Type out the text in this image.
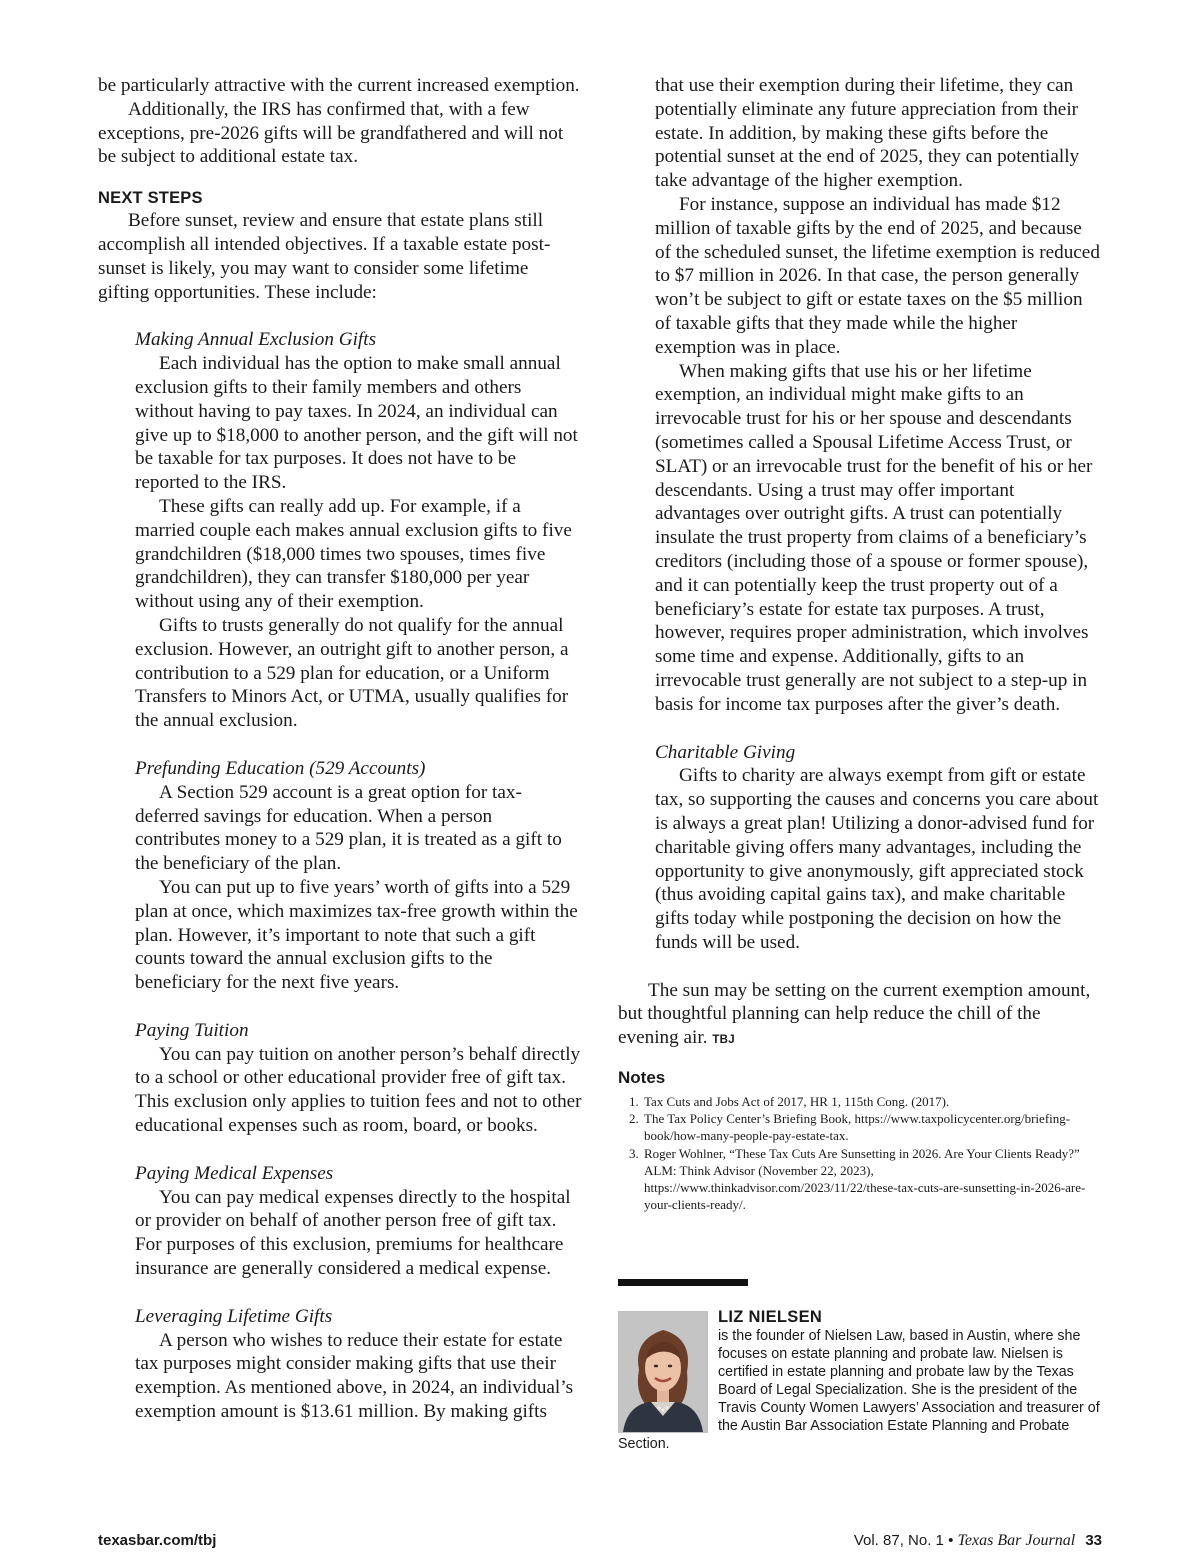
be particularly attractive with the current increased exemption.

Additionally, the IRS has confirmed that, with a few exceptions, pre-2026 gifts will be grandfathered and will not be subject to additional estate tax.

NEXT STEPS

Before sunset, review and ensure that estate plans still accomplish all intended objectives. If a taxable estate post-sunset is likely, you may want to consider some lifetime gifting opportunities. These include:

Making Annual Exclusion Gifts

Each individual has the option to make small annual exclusion gifts to their family members and others without having to pay taxes. In 2024, an individual can give up to $18,000 to another person, and the gift will not be taxable for tax purposes. It does not have to be reported to the IRS.

These gifts can really add up. For example, if a married couple each makes annual exclusion gifts to five grandchildren ($18,000 times two spouses, times five grandchildren), they can transfer $180,000 per year without using any of their exemption.

Gifts to trusts generally do not qualify for the annual exclusion. However, an outright gift to another person, a contribution to a 529 plan for education, or a Uniform Transfers to Minors Act, or UTMA, usually qualifies for the annual exclusion.

Prefunding Education (529 Accounts)

A Section 529 account is a great option for tax-deferred savings for education. When a person contributes money to a 529 plan, it is treated as a gift to the beneficiary of the plan.

You can put up to five years’ worth of gifts into a 529 plan at once, which maximizes tax-free growth within the plan. However, it’s important to note that such a gift counts toward the annual exclusion gifts to the beneficiary for the next five years.

Paying Tuition

You can pay tuition on another person’s behalf directly to a school or other educational provider free of gift tax. This exclusion only applies to tuition fees and not to other educational expenses such as room, board, or books.

Paying Medical Expenses

You can pay medical expenses directly to the hospital or provider on behalf of another person free of gift tax. For purposes of this exclusion, premiums for healthcare insurance are generally considered a medical expense.

Leveraging Lifetime Gifts

A person who wishes to reduce their estate for estate tax purposes might consider making gifts that use their exemption. As mentioned above, in 2024, an individual’s exemption amount is $13.61 million. By making gifts

that use their exemption during their lifetime, they can potentially eliminate any future appreciation from their estate. In addition, by making these gifts before the potential sunset at the end of 2025, they can potentially take advantage of the higher exemption.

For instance, suppose an individual has made $12 million of taxable gifts by the end of 2025, and because of the scheduled sunset, the lifetime exemption is reduced to $7 million in 2026. In that case, the person generally won’t be subject to gift or estate taxes on the $5 million of taxable gifts that they made while the higher exemption was in place.

When making gifts that use his or her lifetime exemption, an individual might make gifts to an irrevocable trust for his or her spouse and descendants (sometimes called a Spousal Lifetime Access Trust, or SLAT) or an irrevocable trust for the benefit of his or her descendants. Using a trust may offer important advantages over outright gifts. A trust can potentially insulate the trust property from claims of a beneficiary’s creditors (including those of a spouse or former spouse), and it can potentially keep the trust property out of a beneficiary’s estate for estate tax purposes. A trust, however, requires proper administration, which involves some time and expense. Additionally, gifts to an irrevocable trust generally are not subject to a step-up in basis for income tax purposes after the giver’s death.

Charitable Giving

Gifts to charity are always exempt from gift or estate tax, so supporting the causes and concerns you care about is always a great plan! Utilizing a donor-advised fund for charitable giving offers many advantages, including the opportunity to give anonymously, gift appreciated stock (thus avoiding capital gains tax), and make charitable gifts today while postponing the decision on how the funds will be used.

The sun may be setting on the current exemption amount, but thoughtful planning can help reduce the chill of the evening air. TBJ

Notes
1. Tax Cuts and Jobs Act of 2017, HR 1, 115th Cong. (2017).
2. The Tax Policy Center’s Briefing Book, https://www.taxpolicycenter.org/briefing-book/how-many-people-pay-estate-tax.
3. Roger Wohlner, “These Tax Cuts Are Sunsetting in 2026. Are Your Clients Ready?” ALM: Think Advisor (November 22, 2023), https://www.thinkadvisor.com/2023/11/22/these-tax-cuts-are-sunsetting-in-2026-are-your-clients-ready/.
LIZ NIELSEN
is the founder of Nielsen Law, based in Austin, where she focuses on estate planning and probate law. Nielsen is certified in estate planning and probate law by the Texas Board of Legal Specialization. She is the president of the Travis County Women Lawyers’ Association and treasurer of the Austin Bar Association Estate Planning and Probate Section.
texasbar.com/tbj	Vol. 87, No. 1 • Texas Bar Journal 33
